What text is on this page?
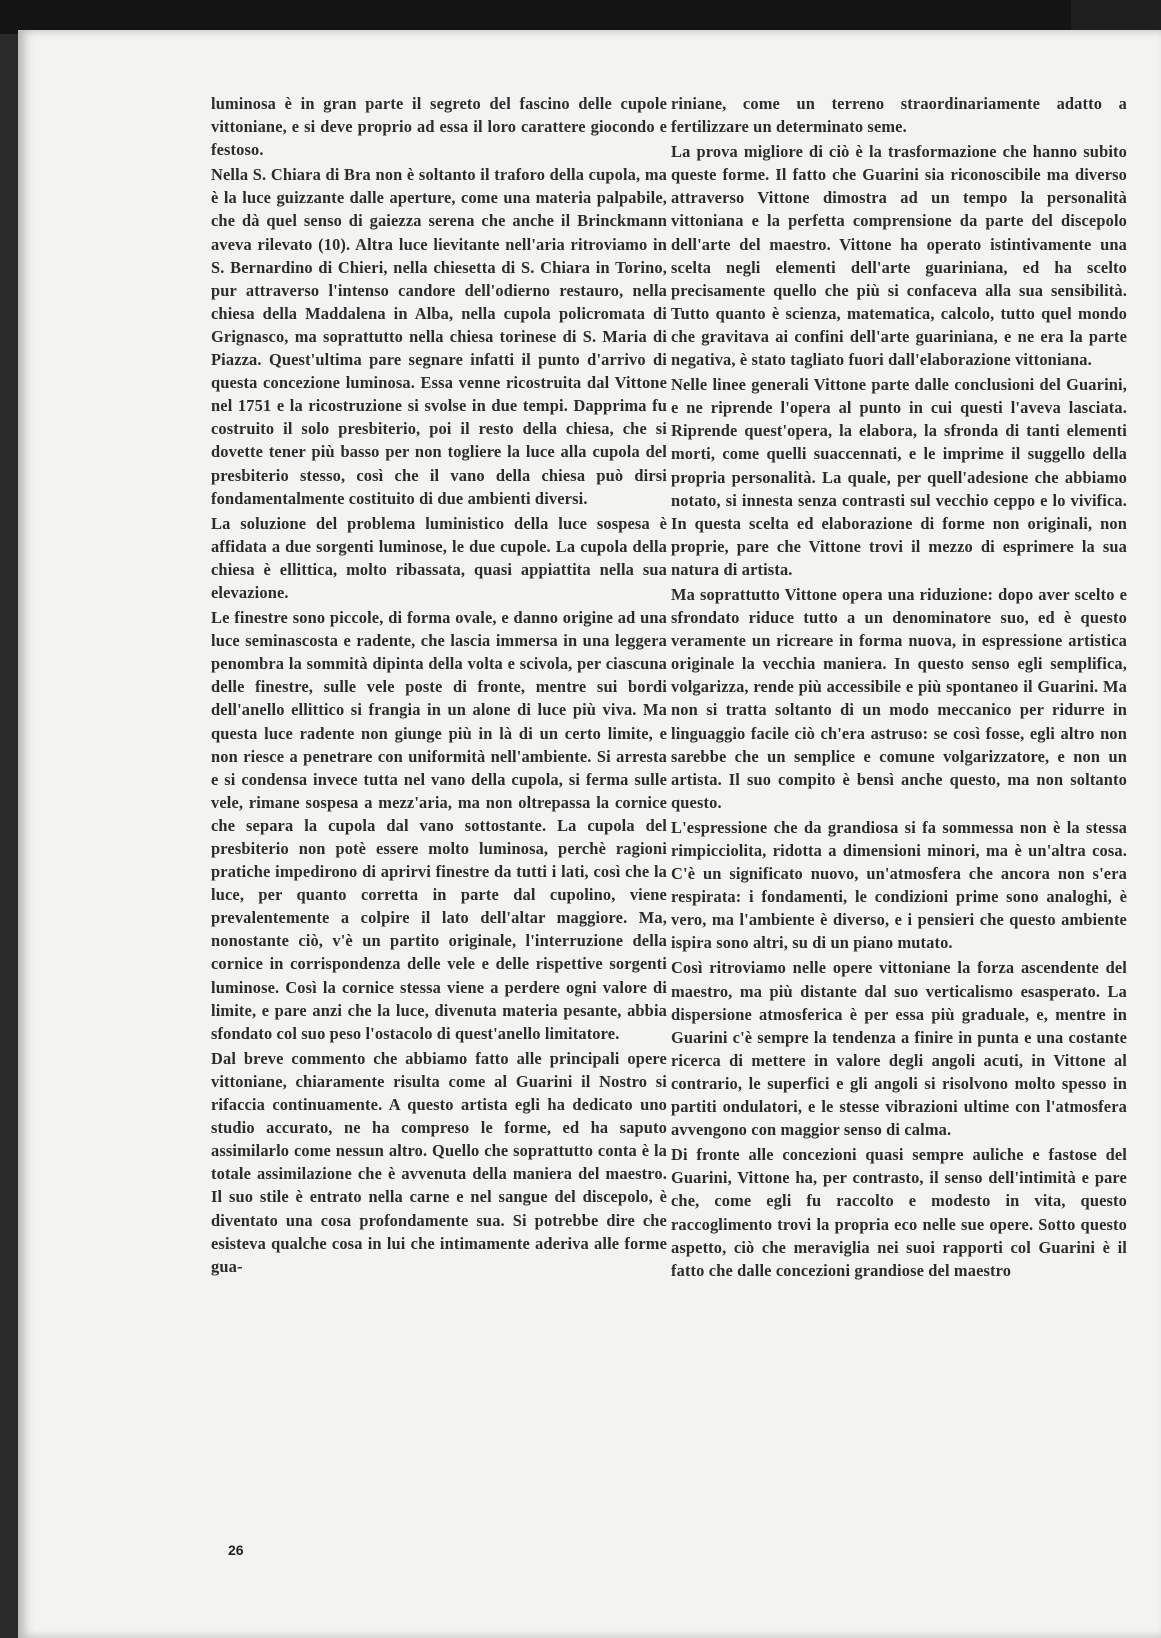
luminosa è in gran parte il segreto del fascino delle cupole vittoniane, e si deve proprio ad essa il loro carattere giocondo e festoso.

Nella S. Chiara di Bra non è soltanto il traforo della cupola, ma è la luce guizzante dalle aperture, come una materia palpabile, che dà quel senso di gaiezza serena che anche il Brinckmann aveva rilevato (10). Altra luce lievitante nell'aria ritroviamo in S. Bernardino di Chieri, nella chiesetta di S. Chiara in Torino, pur attraverso l'intenso candore dell'odierno restauro, nella chiesa della Maddalena in Alba, nella cupola policromata di Grignasco, ma soprattutto nella chiesa torinese di S. Maria di Piazza. Quest'ultima pare segnare infatti il punto d'arrivo di questa concezione luminosa. Essa venne ricostruita dal Vittone nel 1751 e la ricostruzione si svolse in due tempi. Dapprima fu costruito il solo presbiterio, poi il resto della chiesa, che si dovette tener più basso per non togliere la luce alla cupola del presbiterio stesso, così che il vano della chiesa può dirsi fondamentalmente costituito di due ambienti diversi.

La soluzione del problema luministico della luce sospesa è affidata a due sorgenti luminose, le due cupole. La cupola della chiesa è ellittica, molto ribassata, quasi appiattita nella sua elevazione.

Le finestre sono piccole, di forma ovale, e danno origine ad una luce seminascosta e radente, che lascia immersa in una leggera penombra la sommità dipinta della volta e scivola, per ciascuna delle finestre, sulle vele poste di fronte, mentre sui bordi dell'anello ellittico si frangia in un alone di luce più viva. Ma questa luce radente non giunge più in là di un certo limite, e non riesce a penetrare con uniformità nell'ambiente. Si arresta e si condensa invece tutta nel vano della cupola, si ferma sulle vele, rimane sospesa a mezz'aria, ma non oltrepassa la cornice che separa la cupola dal vano sottostante. La cupola del presbiterio non potè essere molto luminosa, perchè ragioni pratiche impedirono di aprirvi finestre da tutti i lati, così che la luce, per quanto corretta in parte dal cupolino, viene prevalentemente a colpire il lato dell'altar maggiore. Ma, nonostante ciò, v'è un partito originale, l'interruzione della cornice in corrispondenza delle vele e delle rispettive sorgenti luminose. Così la cornice stessa viene a perdere ogni valore di limite, e pare anzi che la luce, divenuta materia pesante, abbia sfondato col suo peso l'ostacolo di quest'anello limitatore.

Dal breve commento che abbiamo fatto alle principali opere vittoniane, chiaramente risulta come al Guarini il Nostro si rifaccia continuamente. A questo artista egli ha dedicato uno studio accurato, ne ha compreso le forme, ed ha saputo assimilarlo come nessun altro. Quello che soprattutto conta è la totale assimilazione che è avvenuta della maniera del maestro. Il suo stile è entrato nella carne e nel sangue del discepolo, è diventato una cosa profondamente sua. Si potrebbe dire che esisteva qualche cosa in lui che intimamente aderiva alle forme gua-

riniane, come un terreno straordinariamente adatto a fertilizzare un determinato seme.

La prova migliore di ciò è la trasformazione che hanno subito queste forme. Il fatto che Guarini sia riconoscibile ma diverso attraverso Vittone dimostra ad un tempo la personalità vittoniana e la perfetta comprensione da parte del discepolo dell'arte del maestro. Vittone ha operato istintivamente una scelta negli elementi dell'arte guariniana, ed ha scelto precisamente quello che più si confaceva alla sua sensibilità. Tutto quanto è scienza, matematica, calcolo, tutto quel mondo che gravitava ai confini dell'arte guariniana, e ne era la parte negativa, è stato tagliato fuori dall'elaborazione vittoniana.

Nelle linee generali Vittone parte dalle conclusioni del Guarini, e ne riprende l'opera al punto in cui questi l'aveva lasciata. Riprende quest'opera, la elabora, la sfronda di tanti elementi morti, come quelli suaccennati, e le imprime il suggello della propria personalità. La quale, per quell'adesione che abbiamo notato, si innesta senza contrasti sul vecchio ceppo e lo vivifica. In questa scelta ed elaborazione di forme non originali, non proprie, pare che Vittone trovi il mezzo di esprimere la sua natura di artista.

Ma soprattutto Vittone opera una riduzione: dopo aver scelto e sfrondato riduce tutto a un denominatore suo, ed è questo veramente un ricreare in forma nuova, in espressione artistica originale la vecchia maniera. In questo senso egli semplifica, volgarizza, rende più accessibile e più spontaneo il Guarini. Ma non si tratta soltanto di un modo meccanico per ridurre in linguaggio facile ciò ch'era astruso: se così fosse, egli altro non sarebbe che un semplice e comune volgarizzatore, e non un artista. Il suo compito è bensì anche questo, ma non soltanto questo.

L'espressione che da grandiosa si fa sommessa non è la stessa rimpicciolita, ridotta a dimensioni minori, ma è un'altra cosa. C'è un significato nuovo, un'atmosfera che ancora non s'era respirata: i fondamenti, le condizioni prime sono analoghi, è vero, ma l'ambiente è diverso, e i pensieri che questo ambiente ispira sono altri, su di un piano mutato.

Così ritroviamo nelle opere vittoniane la forza ascendente del maestro, ma più distante dal suo verticalismo esasperato. La dispersione atmosferica è per essa più graduale, e, mentre in Guarini c'è sempre la tendenza a finire in punta e una costante ricerca di mettere in valore degli angoli acuti, in Vittone al contrario, le superfici e gli angoli si risolvono molto spesso in partiti ondulatori, e le stesse vibrazioni ultime con l'atmosfera avvengono con maggior senso di calma.

Di fronte alle concezioni quasi sempre auliche e fastose del Guarini, Vittone ha, per contrasto, il senso dell'intimità e pare che, come egli fu raccolto e modesto in vita, questo raccoglimento trovi la propria eco nelle sue opere. Sotto questo aspetto, ciò che meraviglia nei suoi rapporti col Guarini è il fatto che dalle concezioni grandiose del maestro

26
